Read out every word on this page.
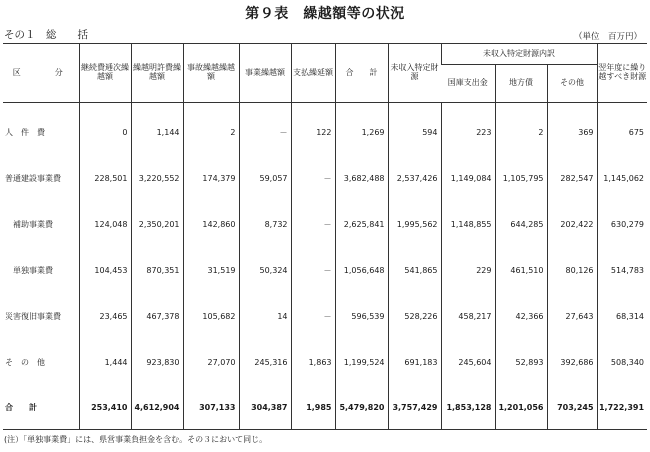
第９表　繰越額等の状況
その１　総　　括	（単位　百万円）
区　　分	継続費逓次繰越額	繰越明許費繰越額	事故繰越繰越額	事業繰越額	支払繰延額	合　　計	未収入特定財源	未収入特定財源内訳			翌年度に繰り越すべき財源
								国庫支出金	地方債	その他	
人　件　費	0	1,144	2	－	122	1,269	594	223	2	369	675
普通建設事業費	228,501	3,220,552	174,379	59,057	－	3,682,488	2,537,426	1,149,084	1,105,795	282,547	1,145,062
補助事業費	124,048	2,350,201	142,860	8,732	－	2,625,841	1,995,562	1,148,855	644,285	202,422	630,279
単独事業費	104,453	870,351	31,519	50,324	－	1,056,648	541,865	229	461,510	80,126	514,783
災害復旧事業費	23,465	467,378	105,682	14	－	596,539	528,226	458,217	42,366	27,643	68,314
そ　の　他	1,444	923,830	27,070	245,316	1,863	1,199,524	691,183	245,604	52,893	392,686	508,340
合　　計	253,410	4,612,904	307,133	304,387	1,985	5,479,820	3,757,429	1,853,128	1,201,056	703,245	1,722,391
(注）「単独事業費」には、県営事業負担金を含む。その３において同じ。
